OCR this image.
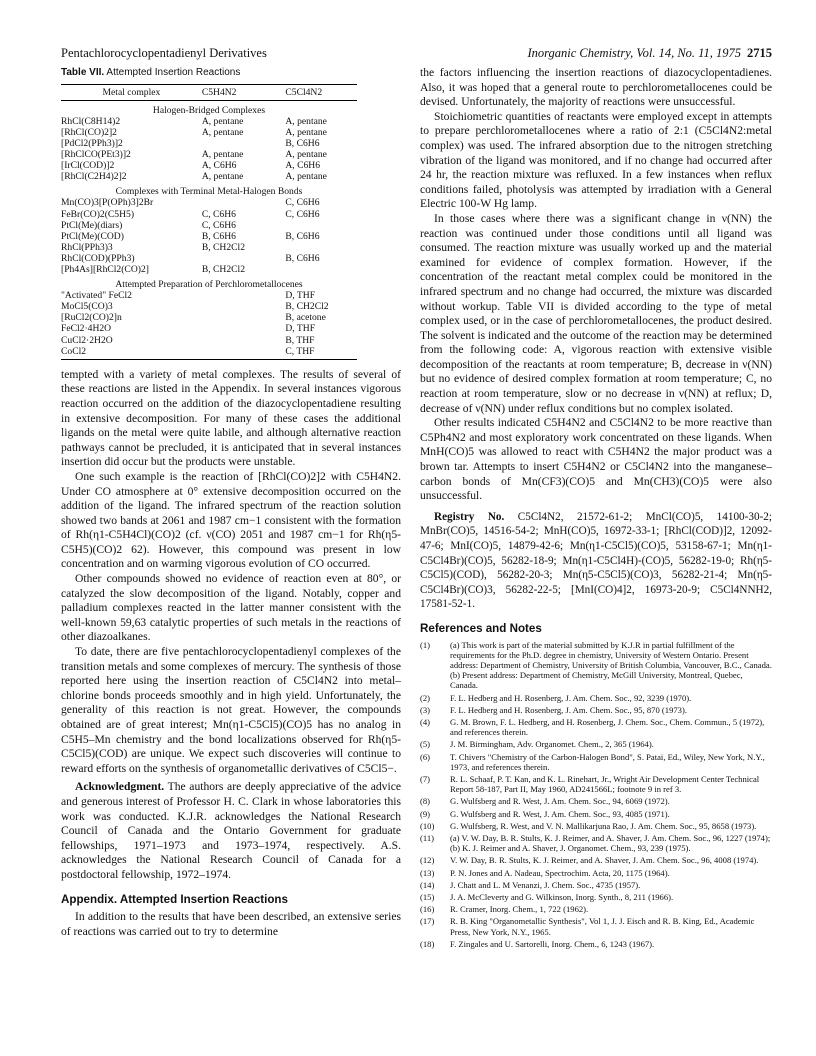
Pentachlorocyclopentadienyl Derivatives	Inorganic Chemistry, Vol. 14, No. 11, 1975 2715
Table VII. Attempted Insertion Reactions
Metal complex	C5H4N2	C5Cl4N2
Halogen-Bridged Complexes		
RhCl(C8H14)2	A, pentane	A, pentane
[RhCl(CO)2]2	A, pentane	A, pentane
[PdCl2(PPh3)]2		B, C6H6
[RhClCO(PEt3)]2	A, pentane	A, pentane
[IrCl(COD)]2	A, C6H6	A, C6H6
[RhCl(C2H4)2]2	A, pentane	A, pentane
Complexes with Terminal Metal-Halogen Bonds		
Mn(CO)3[P(OPh)3]2Br		C, C6H6
FeBr(CO)2(C5H5)	C, C6H6	C, C6H6
PtCl(Me)(diars)	C, C6H6	
PtCl(Me)(COD)	B, C6H6	B, C6H6
RhCl(PPh3)3	B, CH2Cl2	
RhCl(COD)(PPh3)		B, C6H6
[Ph4As][RhCl2(CO)2]	B, CH2Cl2	
Attempted Preparation of Perchlorometallocenes		
"Activated" FeCl2		D, THF
MoCl5(CO)3		B, CH2Cl2
[RuCl2(CO)2]n		B, acetone
FeCl2·4H2O		D, THF
CuCl2·2H2O		B, THF
CoCl2		C, THF

tempted with a variety of metal complexes. The results of several of these reactions are listed in the Appendix. In several instances vigorous reaction occurred on the addition of the diazocyclopentadiene resulting in extensive decomposition. For many of these cases the additional ligands on the metal were quite labile, and although alternative reaction pathways cannot be precluded, it is anticipated that in several instances insertion did occur but the products were unstable.

One such example is the reaction of [RhCl(CO)2]2 with C5H4N2. Under CO atmosphere at 0° extensive decomposition occurred on the addition of the ligand. The infrared spectrum of the reaction solution showed two bands at 2061 and 1987 cm−1 consistent with the formation of Rh(η1-C5H4Cl)(CO)2 (cf. ν(CO) 2051 and 1987 cm−1 for Rh(η5-C5H5)(CO)2 62). However, this compound was present in low concentration and on warming vigorous evolution of CO occurred.

Other compounds showed no evidence of reaction even at 80°, or catalyzed the slow decomposition of the ligand. Notably, copper and palladium complexes reacted in the latter manner consistent with the well-known 59,63 catalytic properties of such metals in the reactions of other diazoalkanes.

To date, there are five pentachlorocyclopentadienyl complexes of the transition metals and some complexes of mercury. The synthesis of those reported here using the insertion reaction of C5Cl4N2 into metal–chlorine bonds proceeds smoothly and in high yield. Unfortunately, the generality of this reaction is not great. However, the compounds obtained are of great interest; Mn(η1-C5Cl5)(CO)5 has no analog in C5H5–Mn chemistry and the bond localizations observed for Rh(η5-C5Cl5)(COD) are unique. We expect such discoveries will continue to reward efforts on the synthesis of organometallic derivatives of C5Cl5−.

Acknowledgment. The authors are deeply appreciative of the advice and generous interest of Professor H. C. Clark in whose laboratories this work was conducted. K.J.R. acknowledges the National Research Council of Canada and the Ontario Government for graduate fellowships, 1971–1973 and 1973–1974, respectively. A.S. acknowledges the National Research Council of Canada for a postdoctoral fellowship, 1972–1974.

Appendix. Attempted Insertion Reactions

In addition to the results that have been described, an extensive series of reactions was carried out to try to determine

the factors influencing the insertion reactions of diazocyclopentadienes. Also, it was hoped that a general route to perchlorometallocenes could be devised. Unfortunately, the majority of reactions were unsuccessful.

Stoichiometric quantities of reactants were employed except in attempts to prepare perchlorometallocenes where a ratio of 2:1 (C5Cl4N2:metal complex) was used. The infrared absorption due to the nitrogen stretching vibration of the ligand was monitored, and if no change had occurred after 24 hr, the reaction mixture was refluxed. In a few instances when reflux conditions failed, photolysis was attempted by irradiation with a General Electric 100-W Hg lamp.

In those cases where there was a significant change in ν(NN) the reaction was continued under those conditions until all ligand was consumed. The reaction mixture was usually worked up and the material examined for evidence of complex formation. However, if the concentration of the reactant metal complex could be monitored in the infrared spectrum and no change had occurred, the mixture was discarded without workup. Table VII is divided according to the type of metal complex used, or in the case of perchlorometallocenes, the product desired. The solvent is indicated and the outcome of the reaction may be determined from the following code: A, vigorous reaction with extensive visible decomposition of the reactants at room temperature; B, decrease in ν(NN) but no evidence of desired complex formation at room temperature; C, no reaction at room temperature, slow or no decrease in ν(NN) at reflux; D, decrease of ν(NN) under reflux conditions but no complex isolated.

Other results indicated C5H4N2 and C5Cl4N2 to be more reactive than C5Ph4N2 and most exploratory work concentrated on these ligands. When MnH(CO)5 was allowed to react with C5H4N2 the major product was a brown tar. Attempts to insert C5H4N2 or C5Cl4N2 into the manganese–carbon bonds of Mn(CF3)(CO)5 and Mn(CH3)(CO)5 were also unsuccessful.

Registry No. C5Cl4N2, 21572-61-2; MnCl(CO)5, 14100-30-2; MnBr(CO)5, 14516-54-2; MnH(CO)5, 16972-33-1; [RhCl(COD)]2, 12092-47-6; MnI(CO)5, 14879-42-6; Mn(η1-C5Cl5)(CO)5, 53158-67-1; Mn(η1-C5Cl4Br)(CO)5, 56282-18-9; Mn(η1-C5Cl4H)-(CO)5, 56282-19-0; Rh(η5-C5Cl5)(COD), 56282-20-3; Mn(η5-C5Cl5)(CO)3, 56282-21-4; Mn(η5-C5Cl4Br)(CO)3, 56282-22-5; [MnI(CO)4]2, 16973-20-9; C5Cl4NNH2, 17581-52-1.

References and Notes
(1)	(a) This work is part of the material submitted by K.J.R in partial fulfillment of the requirements for the Ph.D. degree in chemistry, University of Western Ontario. Present address: Department of Chemistry, University of British Columbia, Vancouver, B.C., Canada. (b) Present address: Department of Chemistry, McGill University, Montreal, Quebec, Canada.
(2)	F. L. Hedberg and H. Rosenberg, J. Am. Chem. Soc., 92, 3239 (1970).
(3)	F. L. Hedberg and H. Rosenberg, J. Am. Chem. Soc., 95, 870 (1973).
(4)	G. M. Brown, F. L. Hedberg, and H. Rosenberg, J. Chem. Soc., Chem. Commun., 5 (1972), and references therein.
(5)	J. M. Birmingham, Adv. Organomet. Chem., 2, 365 (1964).
(6)	T. Chivers "Chemistry of the Carbon-Halogen Bond", S. Patai, Ed., Wiley, New York, N.Y., 1973, and references therein.
(7)	R. L. Schaaf, P. T. Kan, and K. L. Rinehart, Jr., Wright Air Development Center Technical Report 58-187, Part II, May 1960, AD241566L; footnote 9 in ref 3.
(8)	G. Wulfsberg and R. West, J. Am. Chem. Soc., 94, 6069 (1972).
(9)	G. Wulfsberg and R. West, J. Am. Chem. Soc., 93, 4085 (1971).
(10)	G. Wulfsberg, R. West, and V. N. Mallikarjuna Rao, J. Am. Chem. Soc., 95, 8658 (1973).
(11)	(a) V. W. Day, B. R. Stults, K. J. Reimer, and A. Shaver, J. Am. Chem. Soc., 96, 1227 (1974); (b) K. J. Reimer and A. Shaver, J. Organomet. Chem., 93, 239 (1975).
(12)	V. W. Day, B. R. Stults, K. J. Reimer, and A. Shaver, J. Am. Chem. Soc., 96, 4008 (1974).
(13)	P. N. Jones and A. Nadeau, Spectrochim. Acta, 20, 1175 (1964).
(14)	J. Chatt and L. M Venanzi, J. Chem. Soc., 4735 (1957).
(15)	J. A. McCleverty and G. Wilkinson, Inorg. Synth., 8, 211 (1966).
(16)	R. Cramer, Inorg. Chem., 1, 722 (1962).
(17)	R. B. King "Organometallic Synthesis", Vol 1, J. J. Eisch and R. B. King, Ed., Academic Press, New York, N.Y., 1965.
(18)	F. Zingales and U. Sartorelli, Inorg. Chem., 6, 1243 (1967).
